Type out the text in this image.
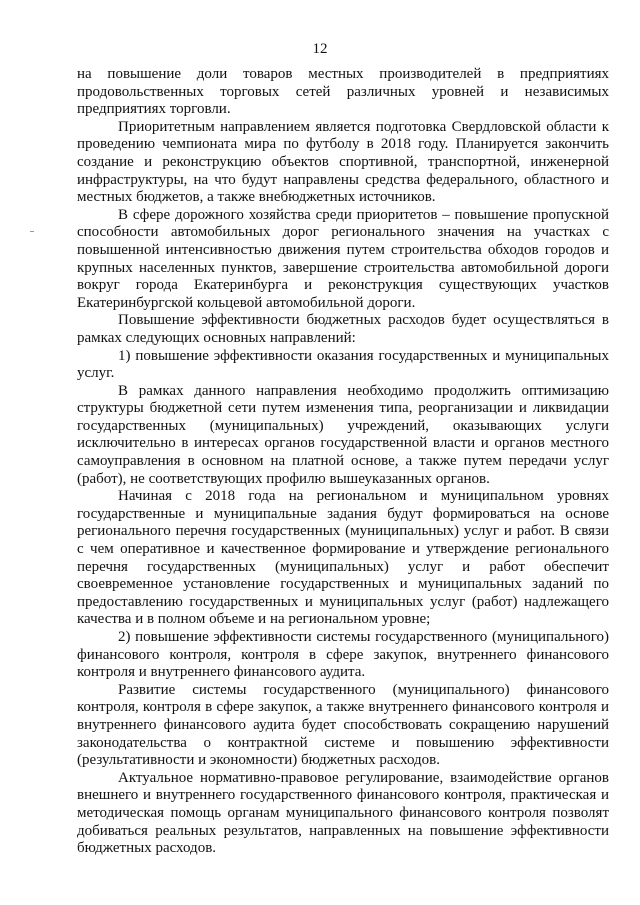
12

на повышение доли товаров местных производителей в предприятиях продовольственных торговых сетей различных уровней и независимых предприятиях торговли.

Приоритетным направлением является подготовка Свердловской области к проведению чемпионата мира по футболу в 2018 году. Планируется закончить создание и реконструкцию объектов спортивной, транспортной, инженерной инфраструктуры, на что будут направлены средства федерального, областного и местных бюджетов, а также внебюджетных источников.

В сфере дорожного хозяйства среди приоритетов – повышение пропускной способности автомобильных дорог регионального значения на участках с повышенной интенсивностью движения путем строительства обходов городов и крупных населенных пунктов, завершение строительства автомобильной дороги вокруг города Екатеринбурга и реконструкция существующих участков Екатеринбургской кольцевой автомобильной дороги.

Повышение эффективности бюджетных расходов будет осуществляться в рамках следующих основных направлений:

1) повышение эффективности оказания государственных и муниципальных услуг.

В рамках данного направления необходимо продолжить оптимизацию структуры бюджетной сети путем изменения типа, реорганизации и ликвидации государственных (муниципальных) учреждений, оказывающих услуги исключительно в интересах органов государственной власти и органов местного самоуправления в основном на платной основе, а также путем передачи услуг (работ), не соответствующих профилю вышеуказанных органов.

Начиная с 2018 года на региональном и муниципальном уровнях государственные и муниципальные задания будут формироваться на основе регионального перечня государственных (муниципальных) услуг и работ. В связи с чем оперативное и качественное формирование и утверждение регионального перечня государственных (муниципальных) услуг и работ обеспечит своевременное установление государственных и муниципальных заданий по предоставлению государственных и муниципальных услуг (работ) надлежащего качества и в полном объеме и на региональном уровне;

2) повышение эффективности системы государственного (муниципального) финансового контроля, контроля в сфере закупок, внутреннего финансового контроля и внутреннего финансового аудита.

Развитие системы государственного (муниципального) финансового контроля, контроля в сфере закупок, а также внутреннего финансового контроля и внутреннего финансового аудита будет способствовать сокращению нарушений законодательства о контрактной системе и повышению эффективности (результативности и экономности) бюджетных расходов.

Актуальное нормативно-правовое регулирование, взаимодействие органов внешнего и внутреннего государственного финансового контроля, практическая и методическая помощь органам муниципального финансового контроля позволят добиваться реальных результатов, направленных на повышение эффективности бюджетных расходов.
